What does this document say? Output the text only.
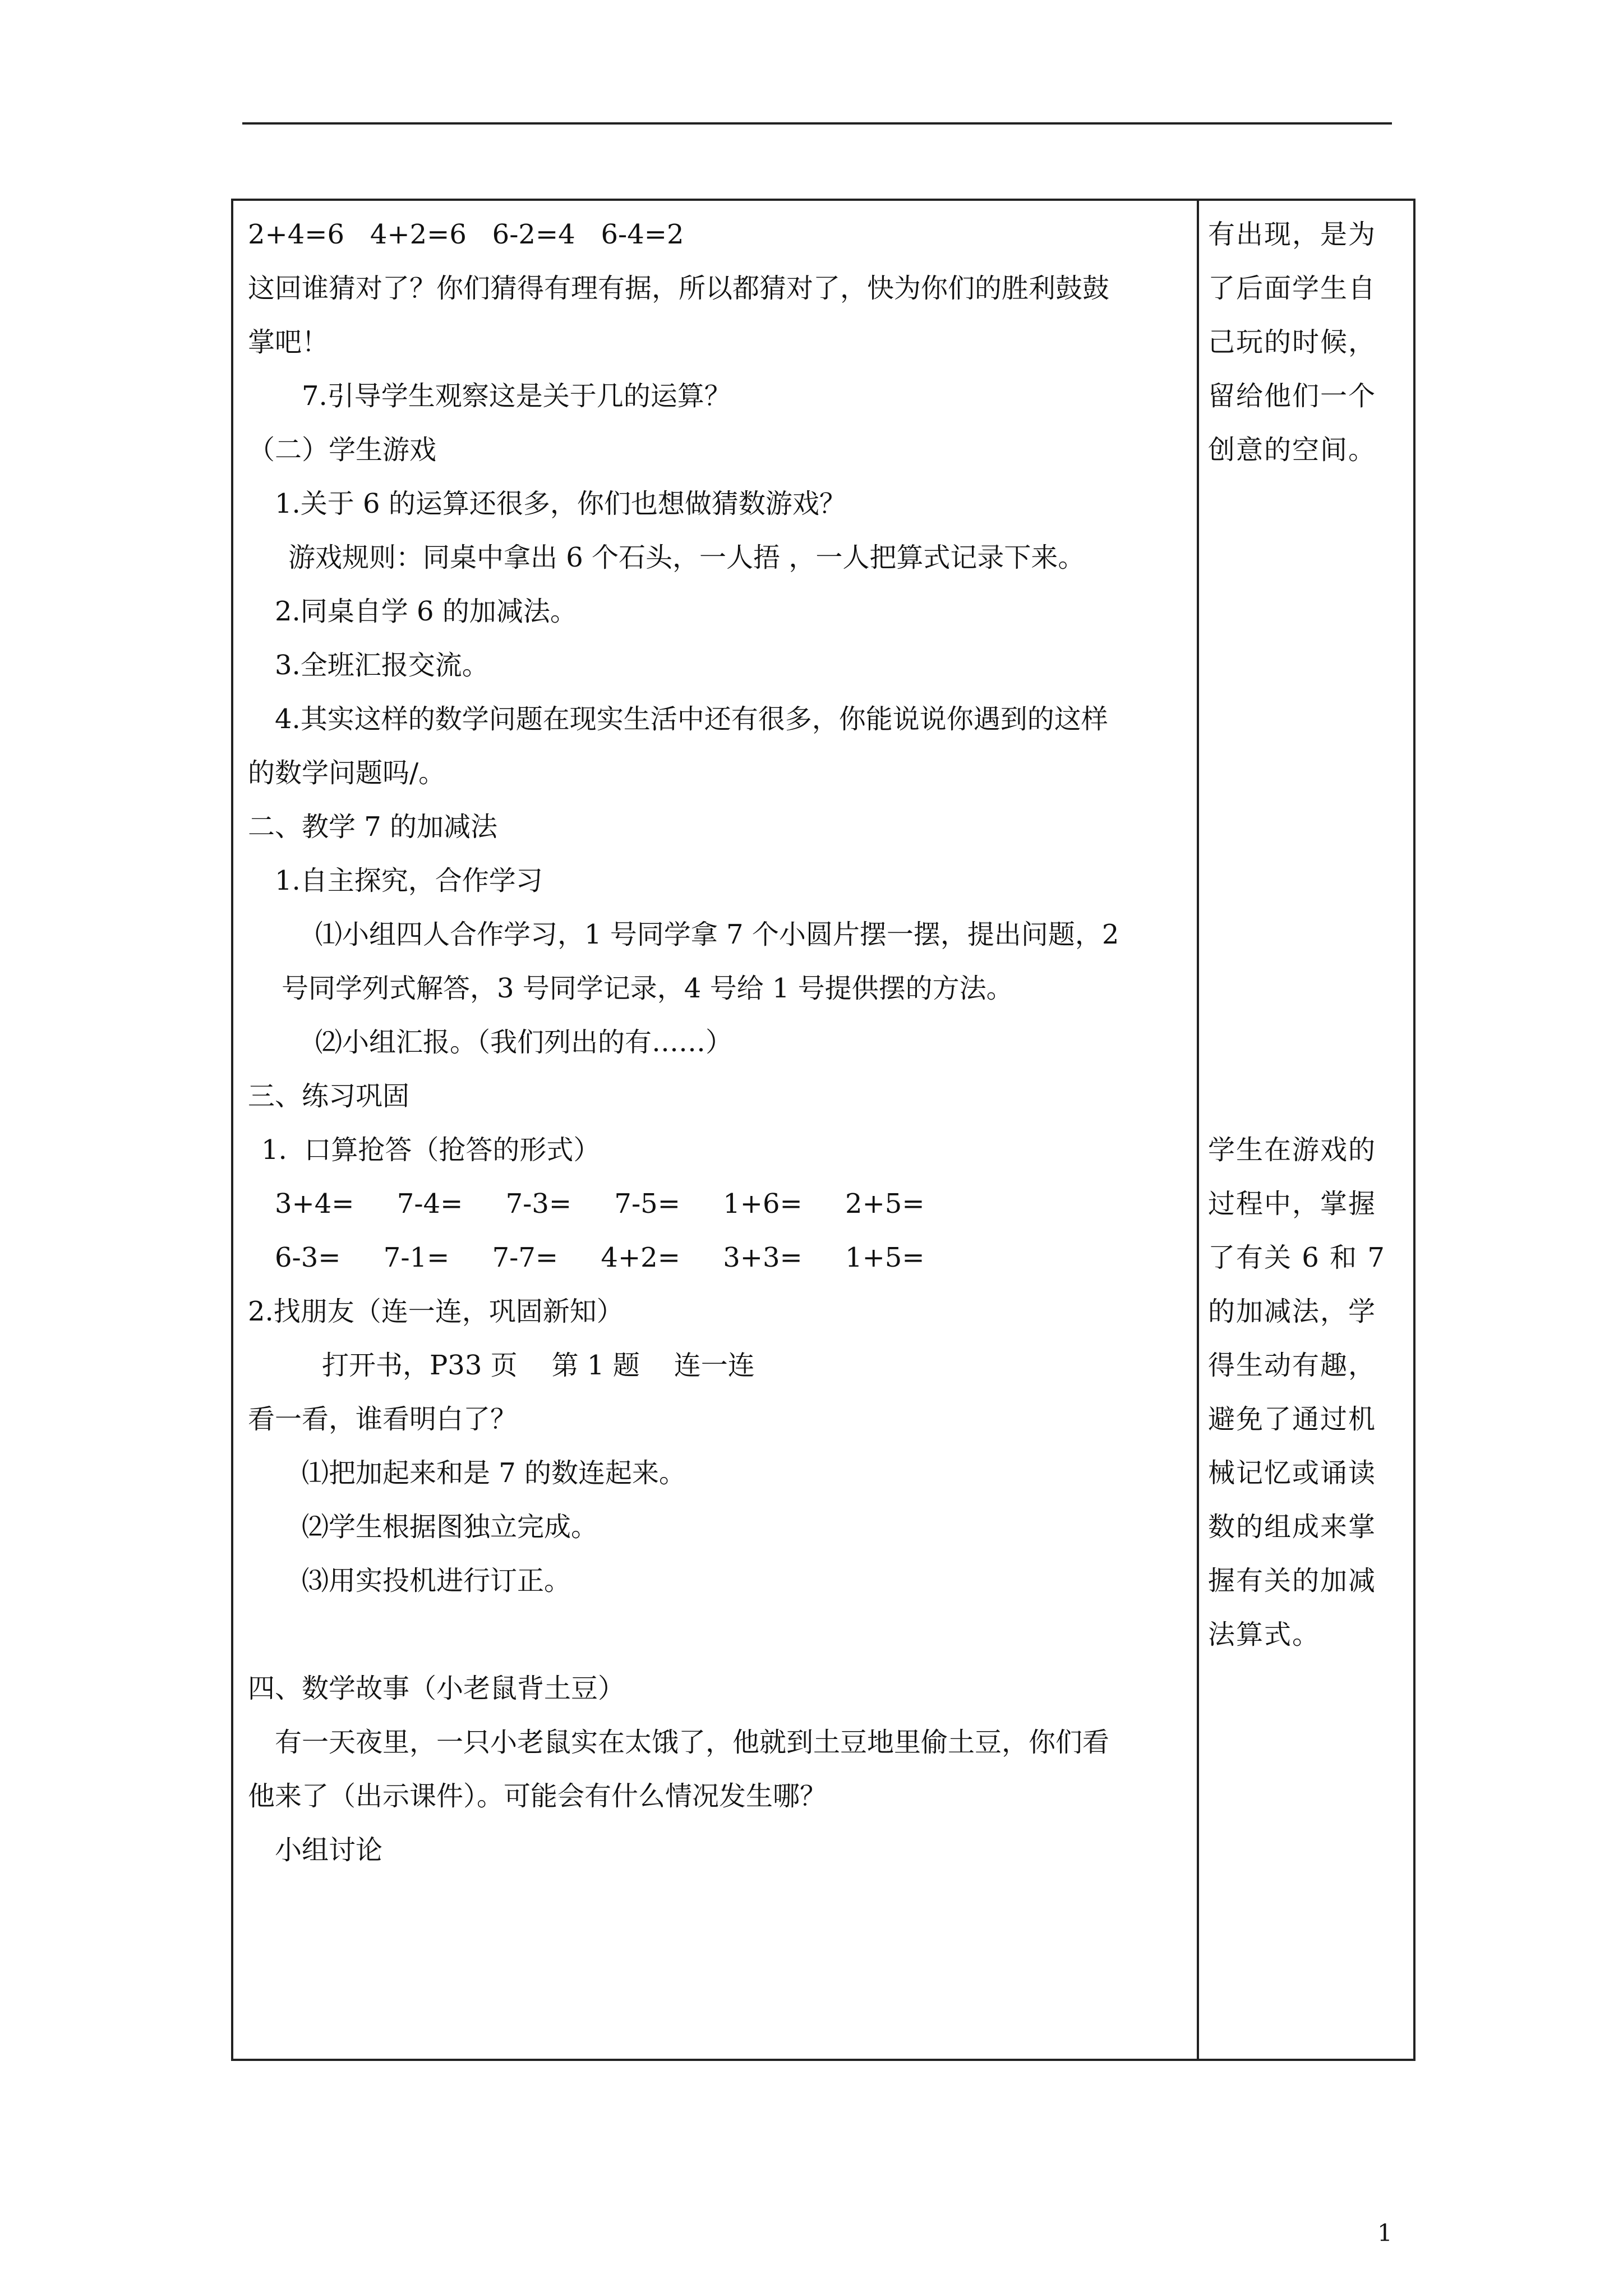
2+4=6   4+2=6   6-2=4   6-4=2
这回谁猜对了？你们猜得有理有据，所以都猜对了，快为你们的胜利鼓鼓
掌吧！
7.引导学生观察这是关于几的运算？
（二）学生游戏
1.关于 6 的运算还很多，你们也想做猜数游戏？
游戏规则：同桌中拿出 6 个石头，一人捂 ，一人把算式记录下来。
2.同桌自学 6 的加减法。
3.全班汇报交流。
4.其实这样的数学问题在现实生活中还有很多，你能说说你遇到的这样
的数学问题吗/。
二、教学 7 的加减法
1.自主探究，合作学习
⑴小组四人合作学习，1 号同学拿 7 个小圆片摆一摆，提出问题，2
号同学列式解答，3 号同学记录，4 号给 1 号提供摆的方法。
⑵小组汇报。（我们列出的有……）
三、练习巩固
1.  口算抢答（抢答的形式）
3+4=     7-4=     7-3=     7-5=     1+6=     2+5=
6-3=     7-1=     7-7=     4+2=     3+3=     1+5=
2.找朋友（连一连，巩固新知）
打开书，P33 页    第 1 题    连一连
看一看，谁看明白了？
⑴把加起来和是 7 的数连起来。
⑵学生根据图独立完成。
⑶用实投机进行订正。
四、数学故事（小老鼠背土豆）
有一天夜里，一只小老鼠实在太饿了，他就到土豆地里偷土豆，你们看
他来了（出示课件）。可能会有什么情况发生哪？
小组讨论
有出现，是为
了后面学生自
己玩的时候，
留给他们一个
创意的空间。
学生在游戏的
过程中，掌握
了有关 6 和 7
的加减法，学
得生动有趣，
避免了通过机
械记忆或诵读
数的组成来掌
握有关的加减
法算式。
1
